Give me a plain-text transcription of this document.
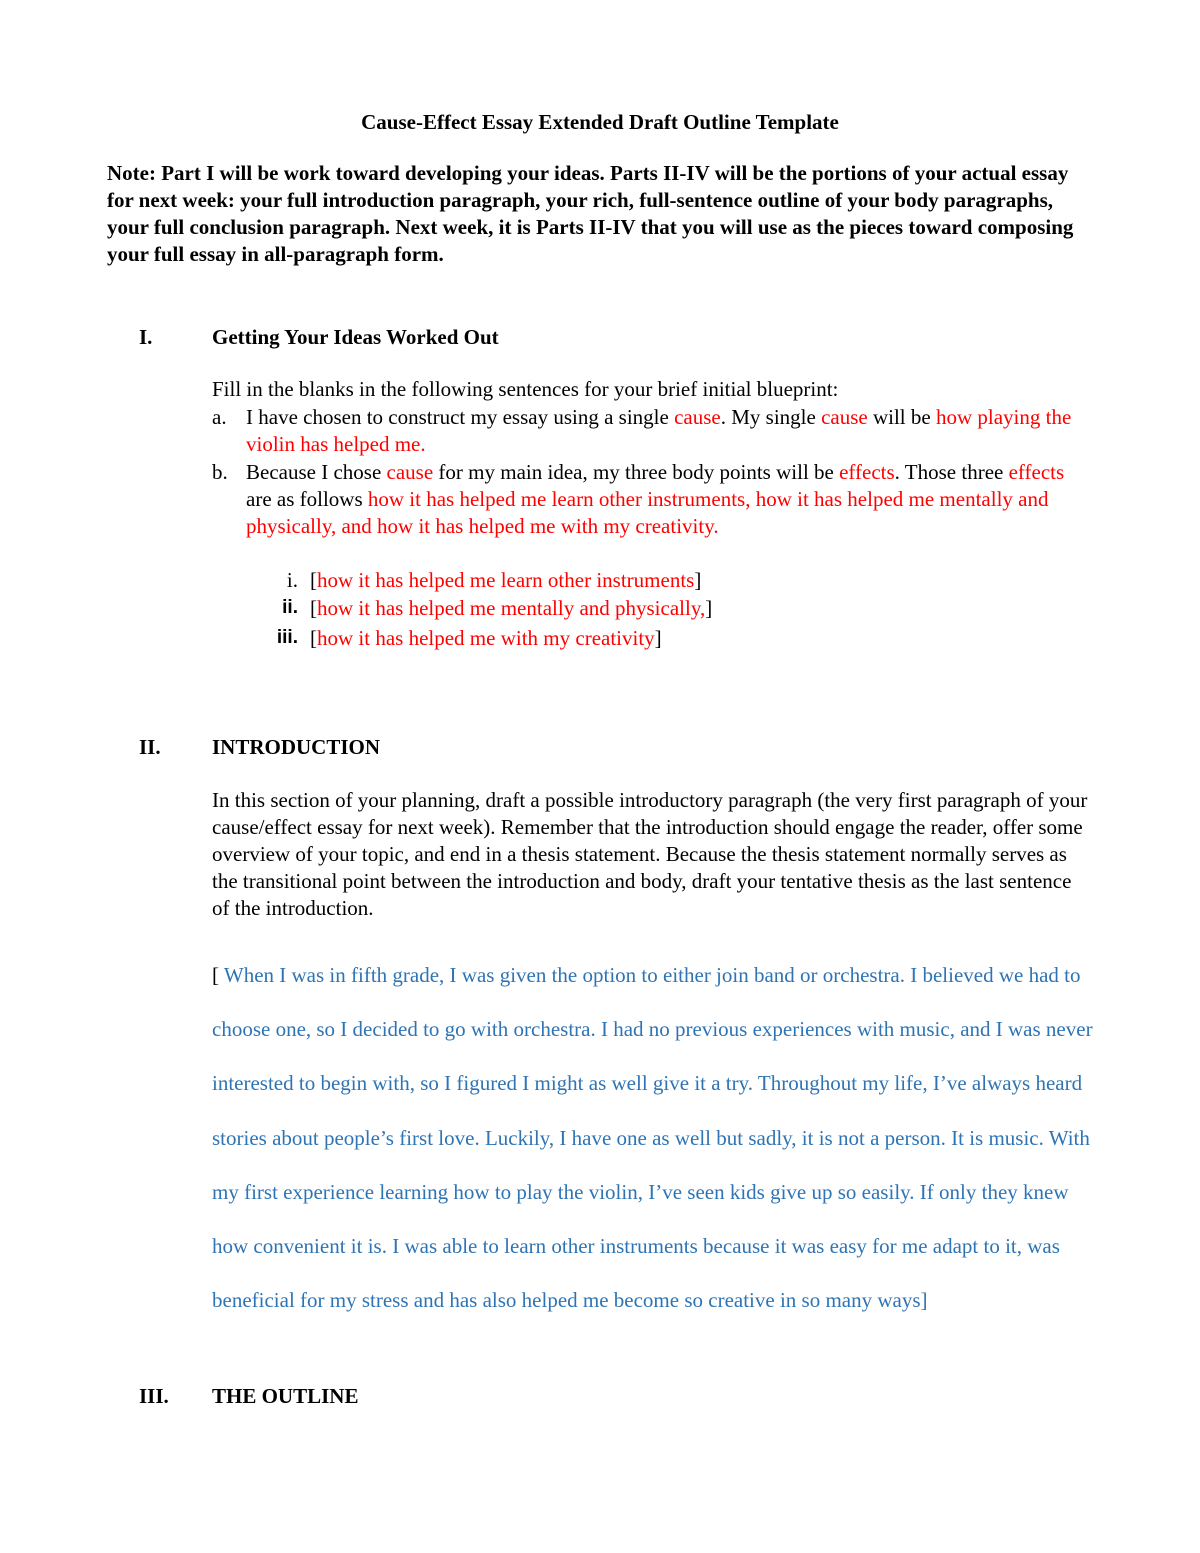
Cause-Effect Essay Extended Draft Outline Template
Note: Part I will be work toward developing your ideas. Parts II-IV will be the portions of your actual essay for next week: your full introduction paragraph, your rich, full-sentence outline of your body paragraphs, your full conclusion paragraph. Next week, it is Parts II-IV that you will use as the pieces toward composing your full essay in all-paragraph form.
I.	Getting Your Ideas Worked Out
Fill in the blanks in the following sentences for your brief initial blueprint:
a. I have chosen to construct my essay using a single cause. My single cause will be how playing the violin has helped me.
b. Because I chose cause for my main idea, my three body points will be effects. Those three effects are as follows how it has helped me learn other instruments, how it has helped me mentally and physically, and how it has helped me with my creativity.
i. [how it has helped me learn other instruments]
ii. [how it has helped me mentally and physically,]
iii. [how it has helped me with my creativity]
II. INTRODUCTION
In this section of your planning, draft a possible introductory paragraph (the very first paragraph of your cause/effect essay for next week). Remember that the introduction should engage the reader, offer some overview of your topic, and end in a thesis statement. Because the thesis statement normally serves as the transitional point between the introduction and body, draft your tentative thesis as the last sentence of the introduction.
[ When I was in fifth grade, I was given the option to either join band or orchestra. I believed we had to choose one, so I decided to go with orchestra. I had no previous experiences with music, and I was never interested to begin with, so I figured I might as well give it a try. Throughout my life, I’ve always heard stories about people’s first love. Luckily, I have one as well but sadly, it is not a person. It is music. With my first experience learning how to play the violin, I’ve seen kids give up so easily. If only they knew how convenient it is. I was able to learn other instruments because it was easy for me adapt to it, was beneficial for my stress and has also helped me become so creative in so many ways]
III. THE OUTLINE
